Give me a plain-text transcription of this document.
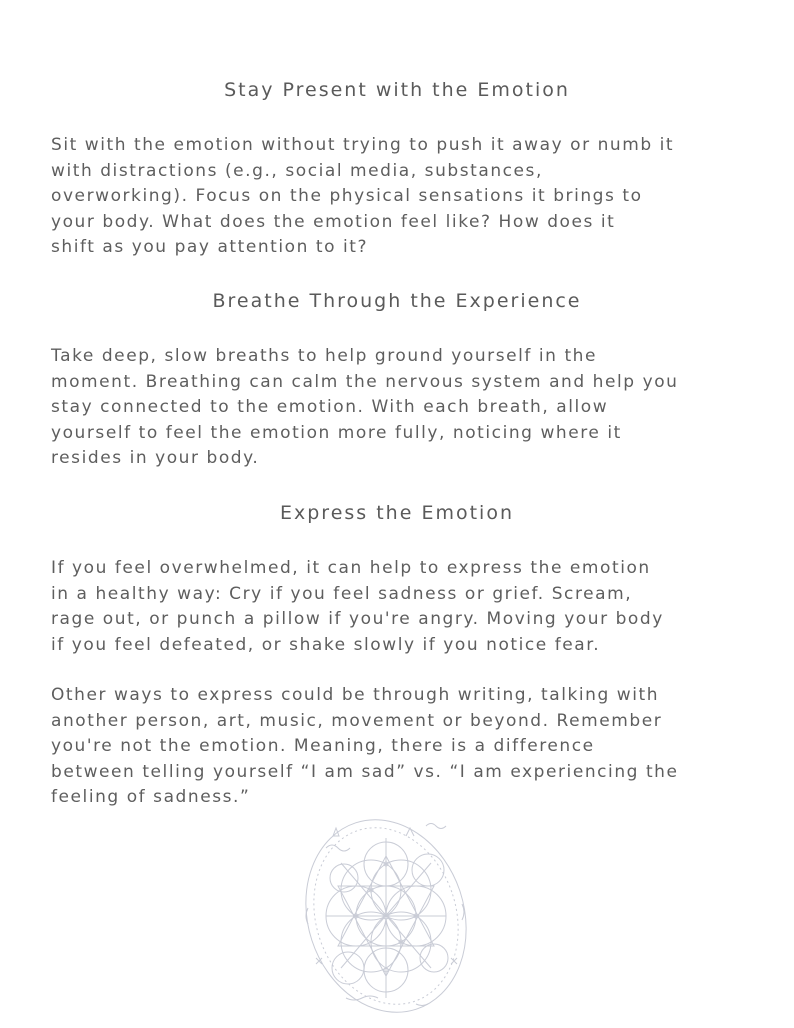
Stay Present with the Emotion
Sit with the emotion without trying to push it away or numb it
with distractions (e.g., social media, substances,
overworking). Focus on the physical sensations it brings to
your body. What does the emotion feel like? How does it
shift as you pay attention to it?
Breathe Through the Experience
Take deep, slow breaths to help ground yourself in the
moment. Breathing can calm the nervous system and help you
stay connected to the emotion. With each breath, allow
yourself to feel the emotion more fully, noticing where it
resides in your body.
Express the Emotion
If you feel overwhelmed, it can help to express the emotion
in a healthy way: Cry if you feel sadness or grief. Scream,
rage out, or punch a pillow if you're angry. Moving your body
if you feel defeated, or shake slowly if you notice fear.
Other ways to express could be through writing, talking with
another person, art, music, movement or beyond. Remember
you're not the emotion. Meaning, there is a difference
between telling yourself “I am sad” vs. “I am experiencing the
feeling of sadness.”
